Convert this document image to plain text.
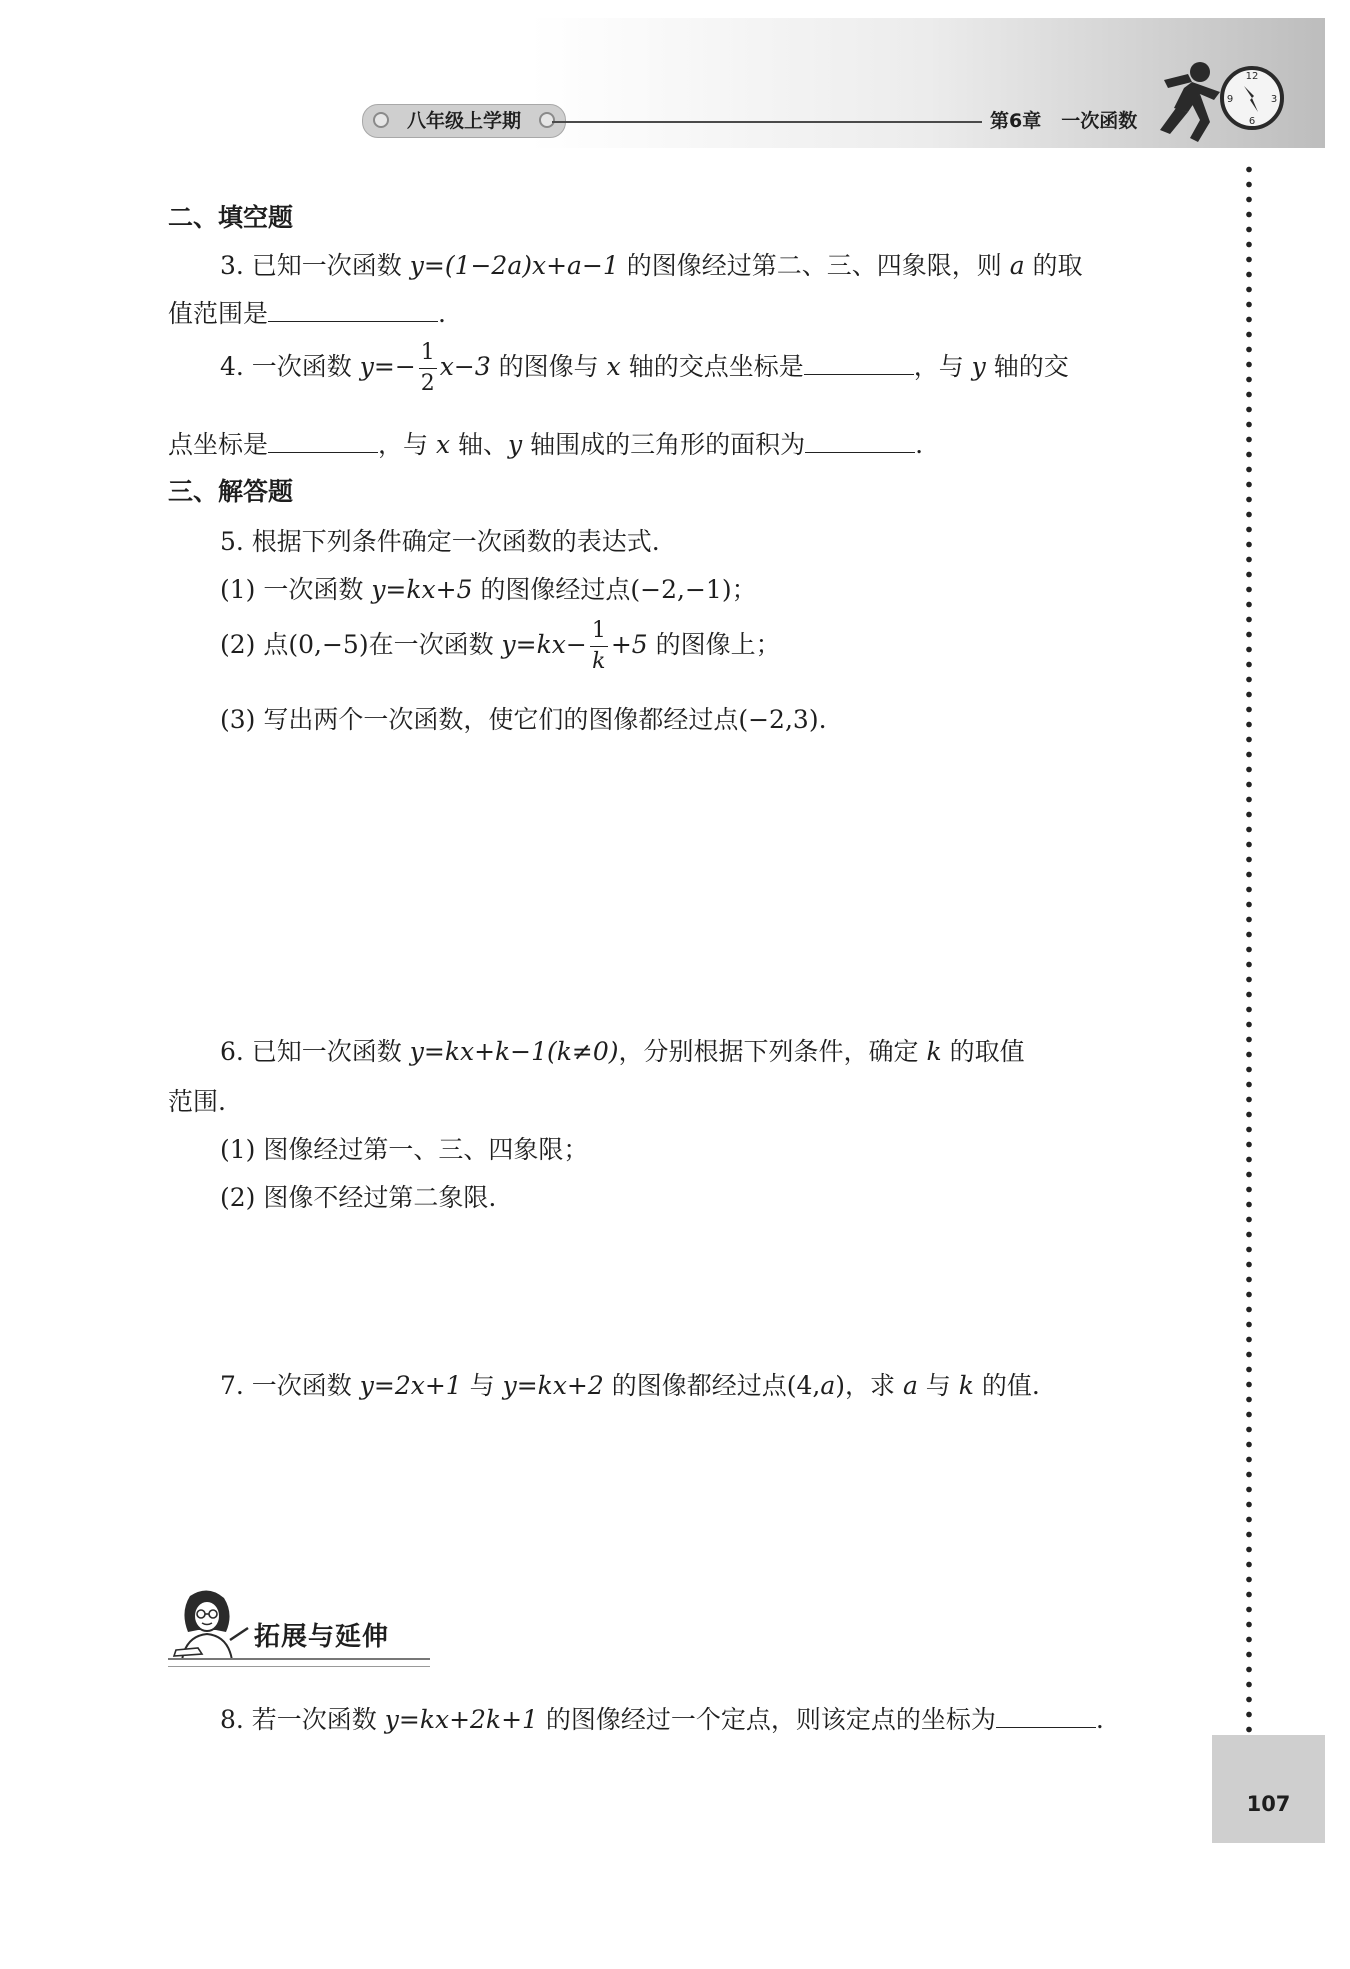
八年级上学期	第6章 一次函数
12
3
6
9
107
二、填空题
3. 已知一次函数 y=(1−2a)x+a−1 的图像经过第二、三、四象限，则 a 的取
值范围是	.
4. 一次函数 $y=- \frac{1}{2} x-3$ 的图像与 x 轴的交点坐标是	，与 y 轴的交
点坐标是	，与 x 轴、y 轴围成的三角形的面积为	.
三、解答题
5. 根据下列条件确定一次函数的表达式.
(1) 一次函数 y=kx+5 的图像经过点(−2,−1)；
(2) 点(0,−5)在一次函数 $y=kx- \frac{1}{k} +5$ 的图像上；
(3) 写出两个一次函数，使它们的图像都经过点(−2,3).
6. 已知一次函数 y=kx+k−1(k≠0)，分别根据下列条件，确定 k 的取值
范围.
(1) 图像经过第一、三、四象限；
(2) 图像不经过第二象限.
7. 一次函数 y=2x+1 与 y=kx+2 的图像都经过点(4,a)，求 a 与 k 的值.
8. 若一次函数 y=kx+2k+1 的图像经过一个定点，则该定点的坐标为	.
拓展与延伸
